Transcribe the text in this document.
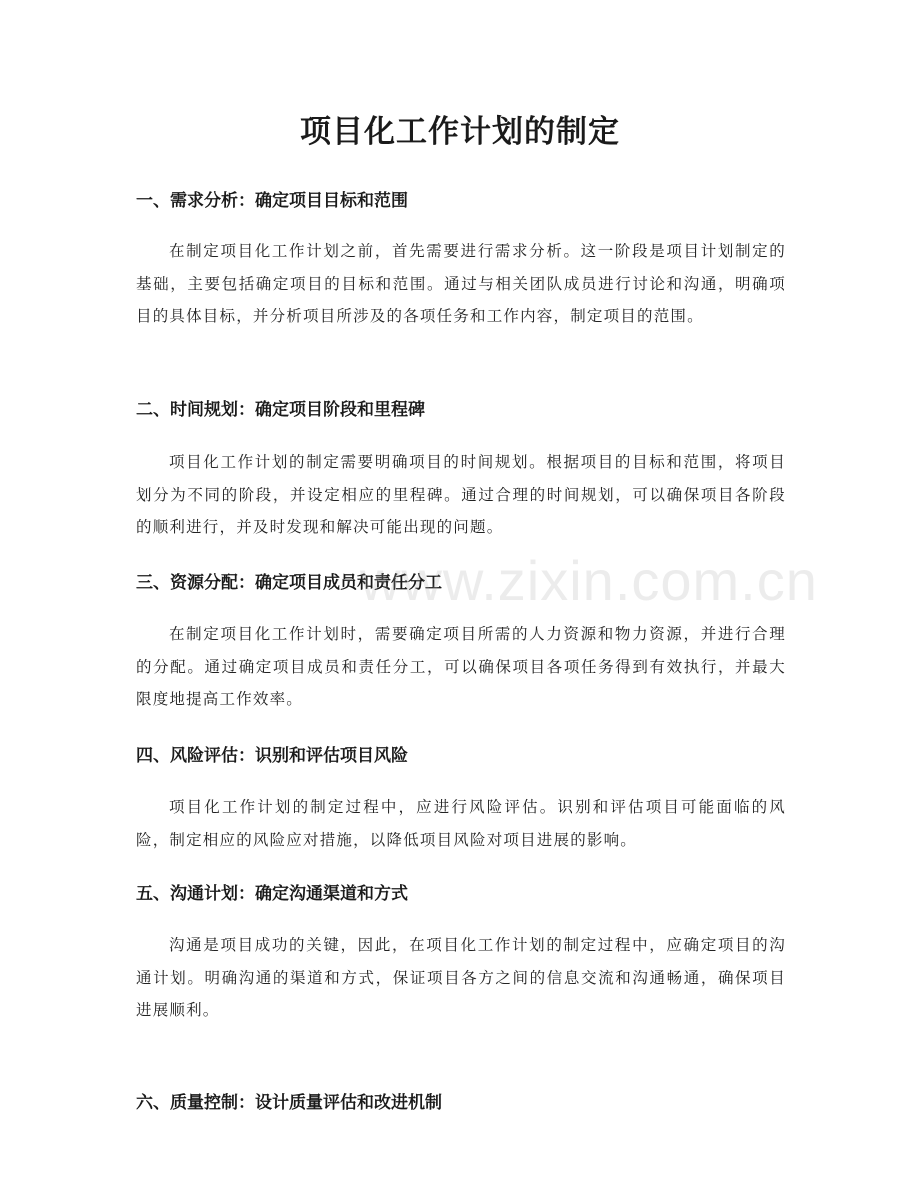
项目化工作计划的制定
一、需求分析：确定项目目标和范围

在制定项目化工作计划之前，首先需要进行需求分析。这一阶段是项目计划制定的基础，主要包括确定项目的目标和范围。通过与相关团队成员进行讨论和沟通，明确项目的具体目标，并分析项目所涉及的各项任务和工作内容，制定项目的范围。

二、时间规划：确定项目阶段和里程碑

项目化工作计划的制定需要明确项目的时间规划。根据项目的目标和范围，将项目划分为不同的阶段，并设定相应的里程碑。通过合理的时间规划，可以确保项目各阶段的顺利进行，并及时发现和解决可能出现的问题。

三、资源分配：确定项目成员和责任分工

在制定项目化工作计划时，需要确定项目所需的人力资源和物力资源，并进行合理的分配。通过确定项目成员和责任分工，可以确保项目各项任务得到有效执行，并最大限度地提高工作效率。

四、风险评估：识别和评估项目风险

项目化工作计划的制定过程中，应进行风险评估。识别和评估项目可能面临的风险，制定相应的风险应对措施，以降低项目风险对项目进展的影响。

五、沟通计划：确定沟通渠道和方式

沟通是项目成功的关键，因此，在项目化工作计划的制定过程中，应确定项目的沟通计划。明确沟通的渠道和方式，保证项目各方之间的信息交流和沟通畅通，确保项目进展顺利。

六、质量控制：设计质量评估和改进机制
www.zixin.com.cn
